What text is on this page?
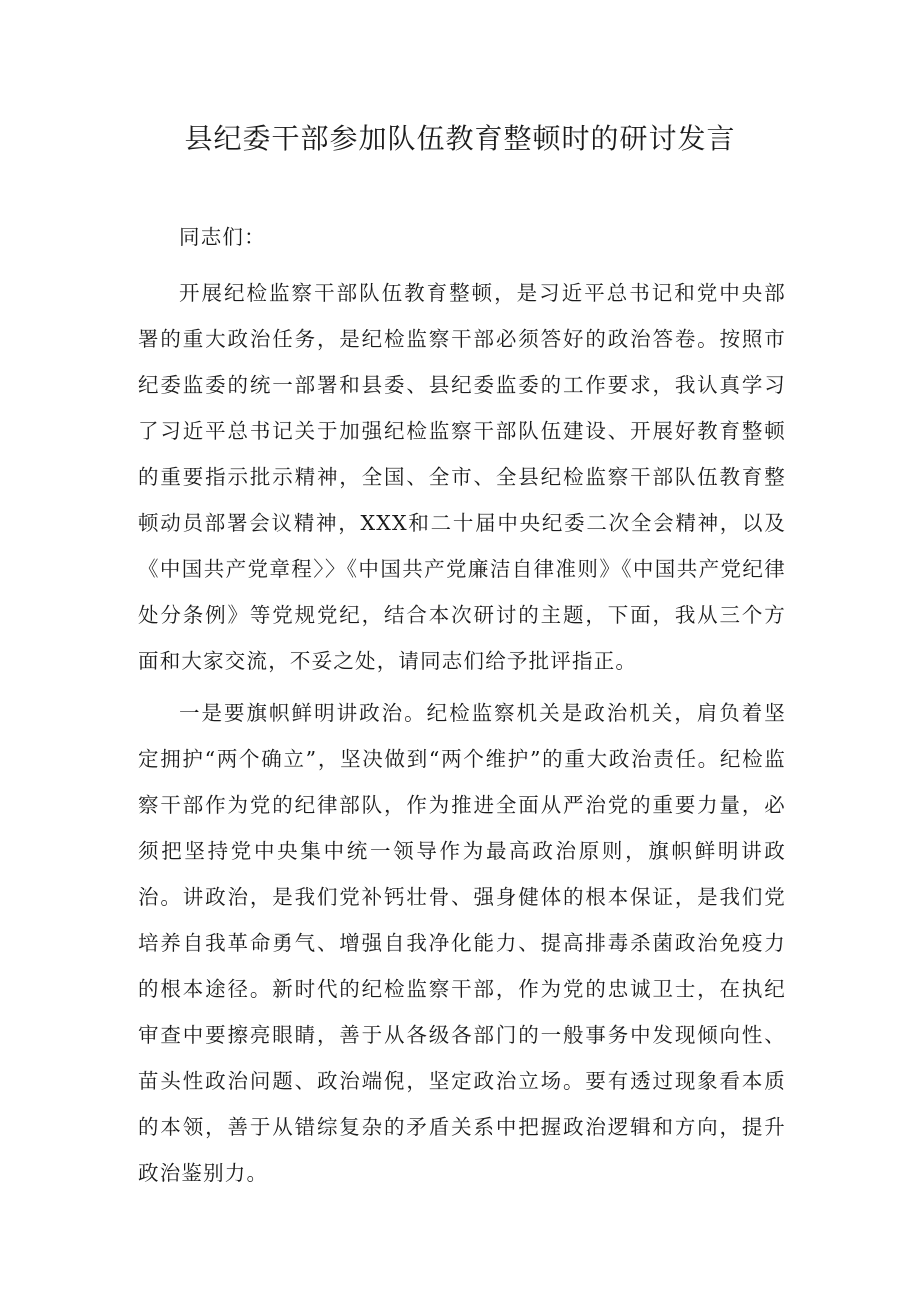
县纪委干部参加队伍教育整顿时的研讨发言

同志们：

开展纪检监察干部队伍教育整顿，是习近平总书记和党中央部署的重大政治任务，是纪检监察干部必须答好的政治答卷。按照市纪委监委的统一部署和县委、县纪委监委的工作要求，我认真学习了习近平总书记关于加强纪检监察干部队伍建设、开展好教育整顿的重要指示批示精神，全国、全市、全县纪检监察干部队伍教育整顿动员部署会议精神，XXX和二十届中央纪委二次全会精神，以及《中国共产党章程〉〉《中国共产党廉洁自律准则》《中国共产党纪律处分条例》等党规党纪，结合本次研讨的主题，下面，我从三个方面和大家交流，不妥之处，请同志们给予批评指正。

一是要旗帜鲜明讲政治。纪检监察机关是政治机关，肩负着坚定拥护“两个确立”，坚决做到“两个维护”的重大政治责任。纪检监察干部作为党的纪律部队，作为推进全面从严治党的重要力量，必须把坚持党中央集中统一领导作为最高政治原则，旗帜鲜明讲政治。讲政治，是我们党补钙壮骨、强身健体的根本保证，是我们党培养自我革命勇气、增强自我净化能力、提高排毒杀菌政治免疫力的根本途径。新时代的纪检监察干部，作为党的忠诚卫士，在执纪审查中要擦亮眼睛，善于从各级各部门的一般事务中发现倾向性、苗头性政治问题、政治端倪，坚定政治立场。要有透过现象看本质的本领，善于从错综复杂的矛盾关系中把握政治逻辑和方向，提升政治鉴别力。
